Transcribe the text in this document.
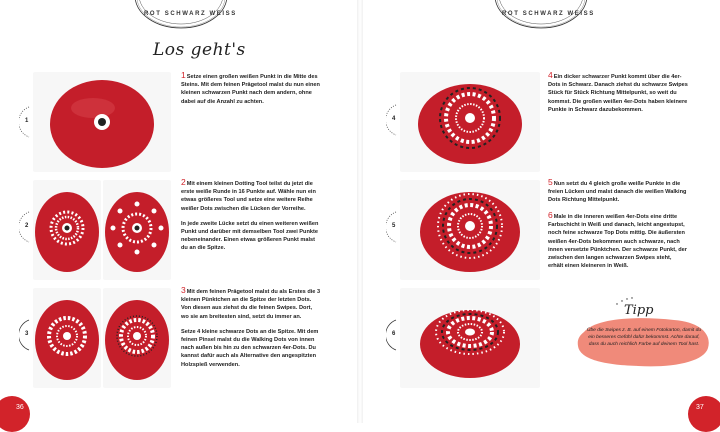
ROT SCHWARZ WEISS	ROT SCHWARZ WEISS
Los geht's
1
2
3
4
5
6

1Setze einen großen weißen Punkt in die Mitte des Steins. Mit dem feinen Prägetool malst du nun einen kleinen schwarzen Punkt nach dem andern, ohne dabei auf die Anzahl zu achten.

2Mit einem kleinen Dotting Tool teilst du jetzt die erste weiße Runde in 16 Punkte auf. Wähle nun ein etwas größeres Tool und setze eine weitere Reihe weißer Dots zwischen die Lücken der Vorreihe.

In jede zweite Lücke setzt du einen weiteren weißen Punkt und darüber mit demselben Tool zwei Punkte nebeneinander. Einen etwas größeren Punkt malst du an die Spitze.

3Mit dem feinen Prägetool malst du als Erstes die 3 kleinen Pünktchen an die Spitze der letzten Dots. Von diesen aus ziehst du die feinen Swipes. Dort, wo sie am breitesten sind, setzt du immer an.

Setze 4 kleine schwarze Dots an die Spitze. Mit dem feinen Pinsel malst du die Walking Dots von innen nach außen bis hin zu den schwarzen 4er-Dots. Du kannst dafür auch als Alternative den angespitzten Holzspieß verwenden.

4Ein dicker schwarzer Punkt kommt über die 4er-Dots in Schwarz. Danach ziehst du schwarze Swipes Stück für Stück Richtung Mittelpunkt, so weit du kommst. Die großen weißen 4er-Dots haben kleinere Punkte in Schwarz dazubekommen.

5Nun setzt du 4 gleich große weiße Punkte in die freien Lücken und malst danach die weißen Walking Dots Richtung Mittelpunkt.

6Male in die inneren weißen 4er-Dots eine dritte Farbschicht in Weiß und danach, leicht angestupst, noch feine schwarze Top Dots mittig. Die äußersten weißen 4er-Dots bekommen auch schwarze, nach innen versetzte Pünktchen. Der schwarze Punkt, der zwischen den langen schwarzen Swipes steht, erhält einen kleineren in Weiß.

Tipp
Übe die Swipes z. B. auf einem Fotokarton, damit du ein besseres Gefühl dafür bekommst. Achte darauf, dass du auch reichlich Farbe auf deinem Tool hast.
36	37
